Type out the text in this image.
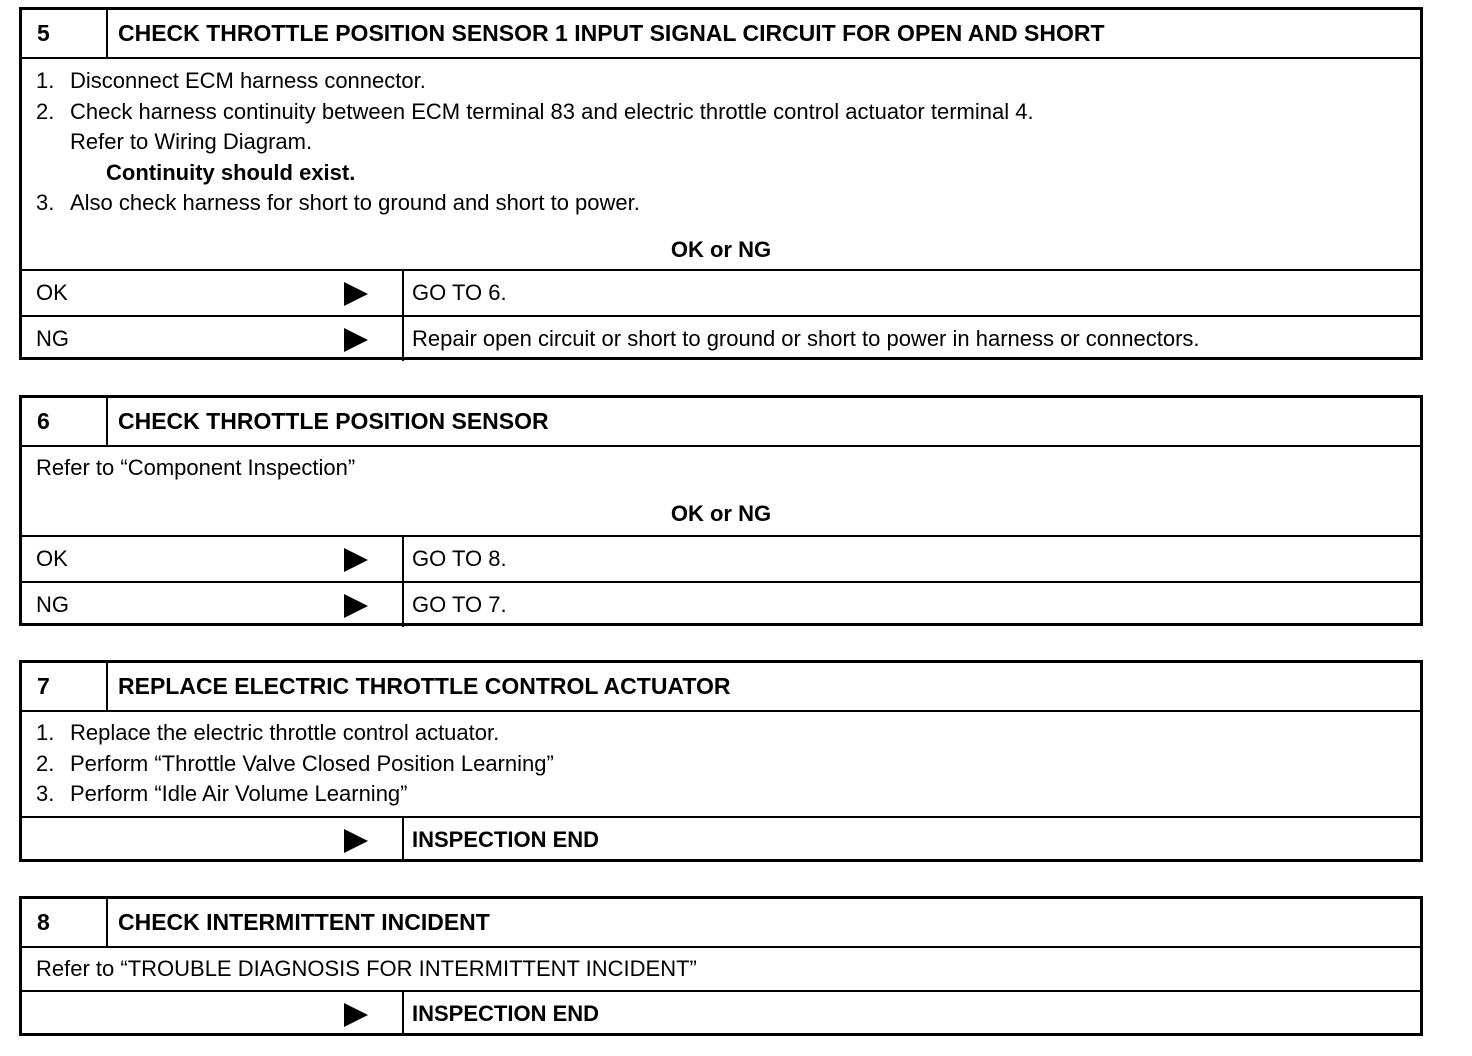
5	CHECK THROTTLE POSITION SENSOR 1 INPUT SIGNAL CIRCUIT FOR OPEN AND SHORT
1. Disconnect ECM harness connector.
2. Check harness continuity between ECM terminal 83 and electric throttle control actuator terminal 4.
Refer to Wiring Diagram.
Continuity should exist.
3. Also check harness for short to ground and short to power.
OK or NG
OK	GO TO 6.
NG	Repair open circuit or short to ground or short to power in harness or connectors.
6	CHECK THROTTLE POSITION SENSOR
Refer to “Component Inspection”
OK or NG
OK	GO TO 8.
NG	GO TO 7.
7	REPLACE ELECTRIC THROTTLE CONTROL ACTUATOR
1. Replace the electric throttle control actuator.
2. Perform “Throttle Valve Closed Position Learning”
3. Perform “Idle Air Volume Learning”
INSPECTION END
8	CHECK INTERMITTENT INCIDENT
Refer to “TROUBLE DIAGNOSIS FOR INTERMITTENT INCIDENT”
INSPECTION END
